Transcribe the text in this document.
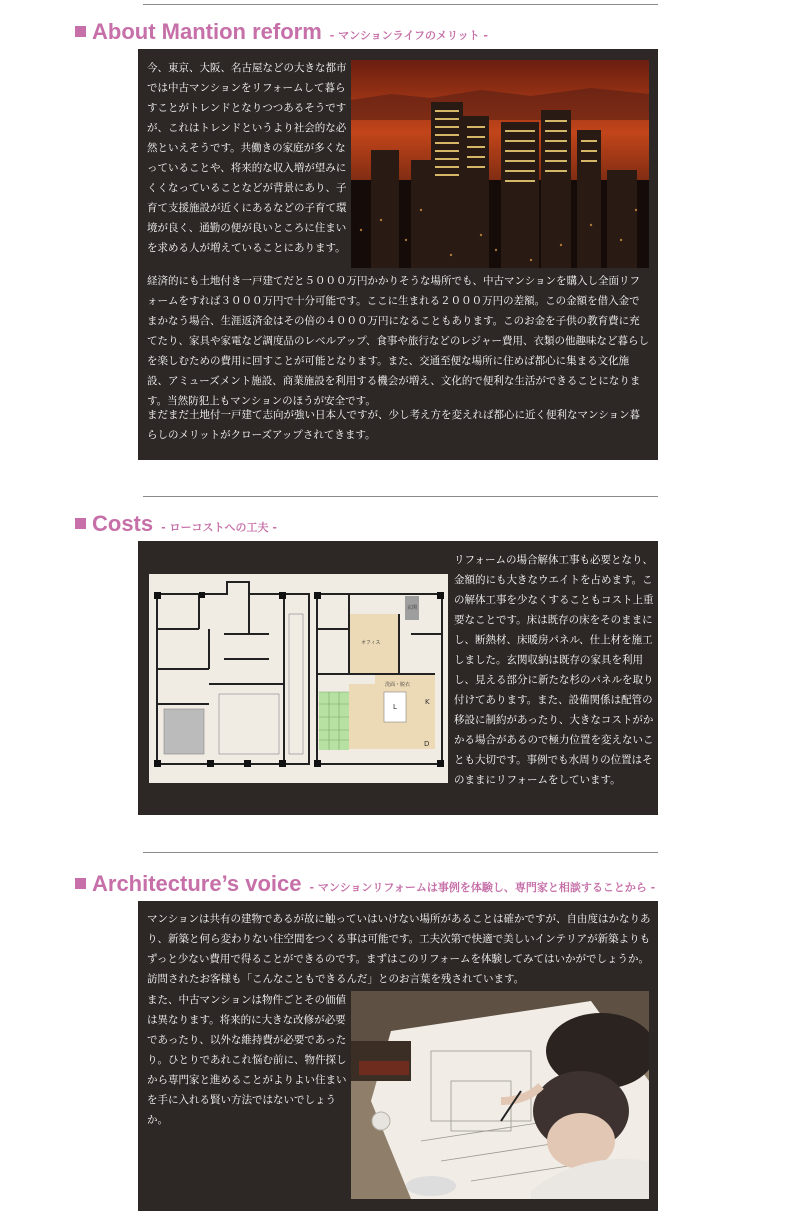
About Mantion reform - マンションライフのメリット -

今、東京、大阪、名古屋などの大きな都市では中古マンションをリフォームして暮らすことがトレンドとなりつつあるそうですが、これはトレンドというより社会的な必然といえそうです。共働きの家庭が多くなっていることや、将来的な収入増が望みにくくなっていることなどが背景にあり、子育て支援施設が近くにあるなどの子育て環境が良く、通勤の便が良いところに住まいを求める人が増えていることにあります。

経済的にも土地付き一戸建てだと５０００万円かかりそうな場所でも、中古マンションを購入し全面リフォームをすれば３０００万円で十分可能です。ここに生まれる２０００万円の差額。この金額を借入金でまかなう場合、生涯返済金はその倍の４０００万円になることもあります。このお金を子供の教育費に充てたり、家具や家電など調度品のレベルアップ、食事や旅行などのレジャー費用、衣類の他趣味など暮らしを楽しむための費用に回すことが可能となります。また、交通至便な場所に住めば都心に集まる文化施設、アミューズメント施設、商業施設を利用する機会が増え、文化的で便利な生活ができることになります。当然防犯上もマンションのほうが安全です。

まだまだ土地付一戸建て志向が強い日本人ですが、少し考え方を変えれば都心に近く便利なマンション暮らしのメリットがクローズアップされてきます。

Costs - ローコストへの工夫 -
オフィス
玄関
洗面・脱衣
L
D
K

リフォームの場合解体工事も必要となり、金額的にも大きなウエイトを占めます。この解体工事を少なくすることもコスト上重要なことです。床は既存の床をそのままにし、断熱材、床暖房パネル、仕上材を施工しました。玄関収納は既存の家具を利用し、見える部分に新たな杉のパネルを取り付けてあります。また、設備関係は配管の移設に制約があったり、大きなコストがかかる場合があるので極力位置を変えないことも大切です。事例でも水周りの位置はそのままにリフォームをしています。

Architecture’s voice - マンションリフォームは事例を体験し、専門家と相談することから -

マンションは共有の建物であるが故に触っていはいけない場所があることは確かですが、自由度はかなりあり、新築と何ら変わりない住空間をつくる事は可能です。工夫次第で快適で美しいインテリアが新築よりもずっと少ない費用で得ることができるのです。まずはこのリフォームを体験してみてはいかがでしょうか。訪問されたお客様も「こんなこともできるんだ」とのお言葉を残されています。

また、中古マンションは物件ごとその価値は異なります。将来的に大きな改修が必要であったり、以外な維持費が必要であったり。ひとりであれこれ悩む前に、物件探しから専門家と進めることがよりよい住まいを手に入れる賢い方法ではないでしょうか。
